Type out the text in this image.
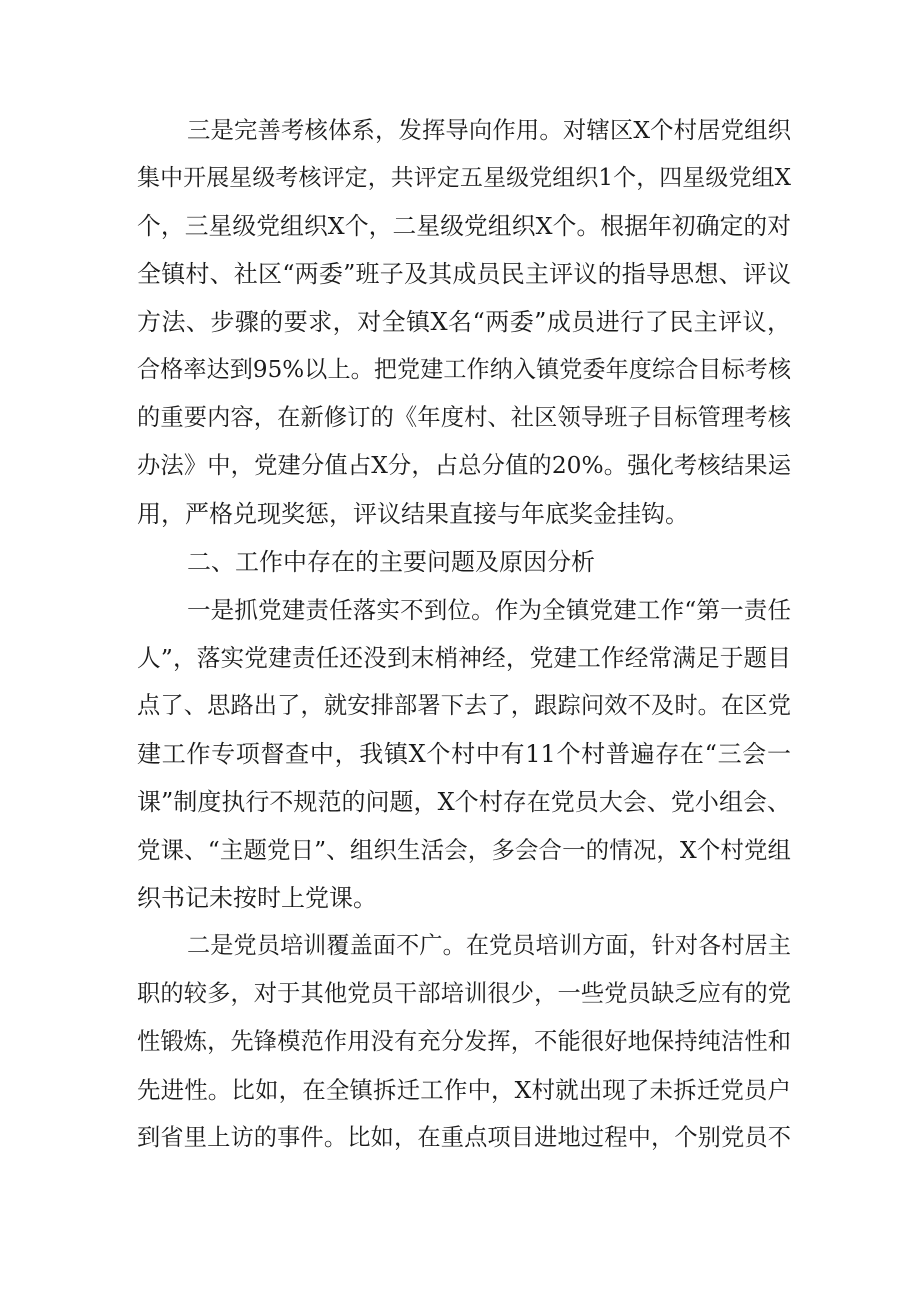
三是完善考核体系，发挥导向作用。对辖区X个村居党组织
集中开展星级考核评定，共评定五星级党组织1个，四星级党组X
个，三星级党组织X个，二星级党组织X个。根据年初确定的对
全镇村、社区“两委”班子及其成员民主评议的指导思想、评议
方法、步骤的要求，对全镇X名“两委”成员进行了民主评议，
合格率达到95%以上。把党建工作纳入镇党委年度综合目标考核
的重要内容，在新修订的《年度村、社区领导班子目标管理考核
办法》中，党建分值占X分，占总分值的20%。强化考核结果运
用，严格兑现奖惩，评议结果直接与年底奖金挂钩。
二、工作中存在的主要问题及原因分析
一是抓党建责任落实不到位。作为全镇党建工作“第一责任
人”，落实党建责任还没到末梢神经，党建工作经常满足于题目
点了、思路出了，就安排部署下去了，跟踪问效不及时。在区党
建工作专项督查中，我镇X个村中有11个村普遍存在“三会一
课”制度执行不规范的问题，X个村存在党员大会、党小组会、
党课、“主题党日”、组织生活会，多会合一的情况，X个村党组
织书记未按时上党课。
二是党员培训覆盖面不广。在党员培训方面，针对各村居主
职的较多，对于其他党员干部培训很少，一些党员缺乏应有的党
性锻炼，先锋模范作用没有充分发挥，不能很好地保持纯洁性和
先进性。比如，在全镇拆迁工作中，X村就出现了未拆迁党员户
到省里上访的事件。比如，在重点项目进地过程中，个别党员不
